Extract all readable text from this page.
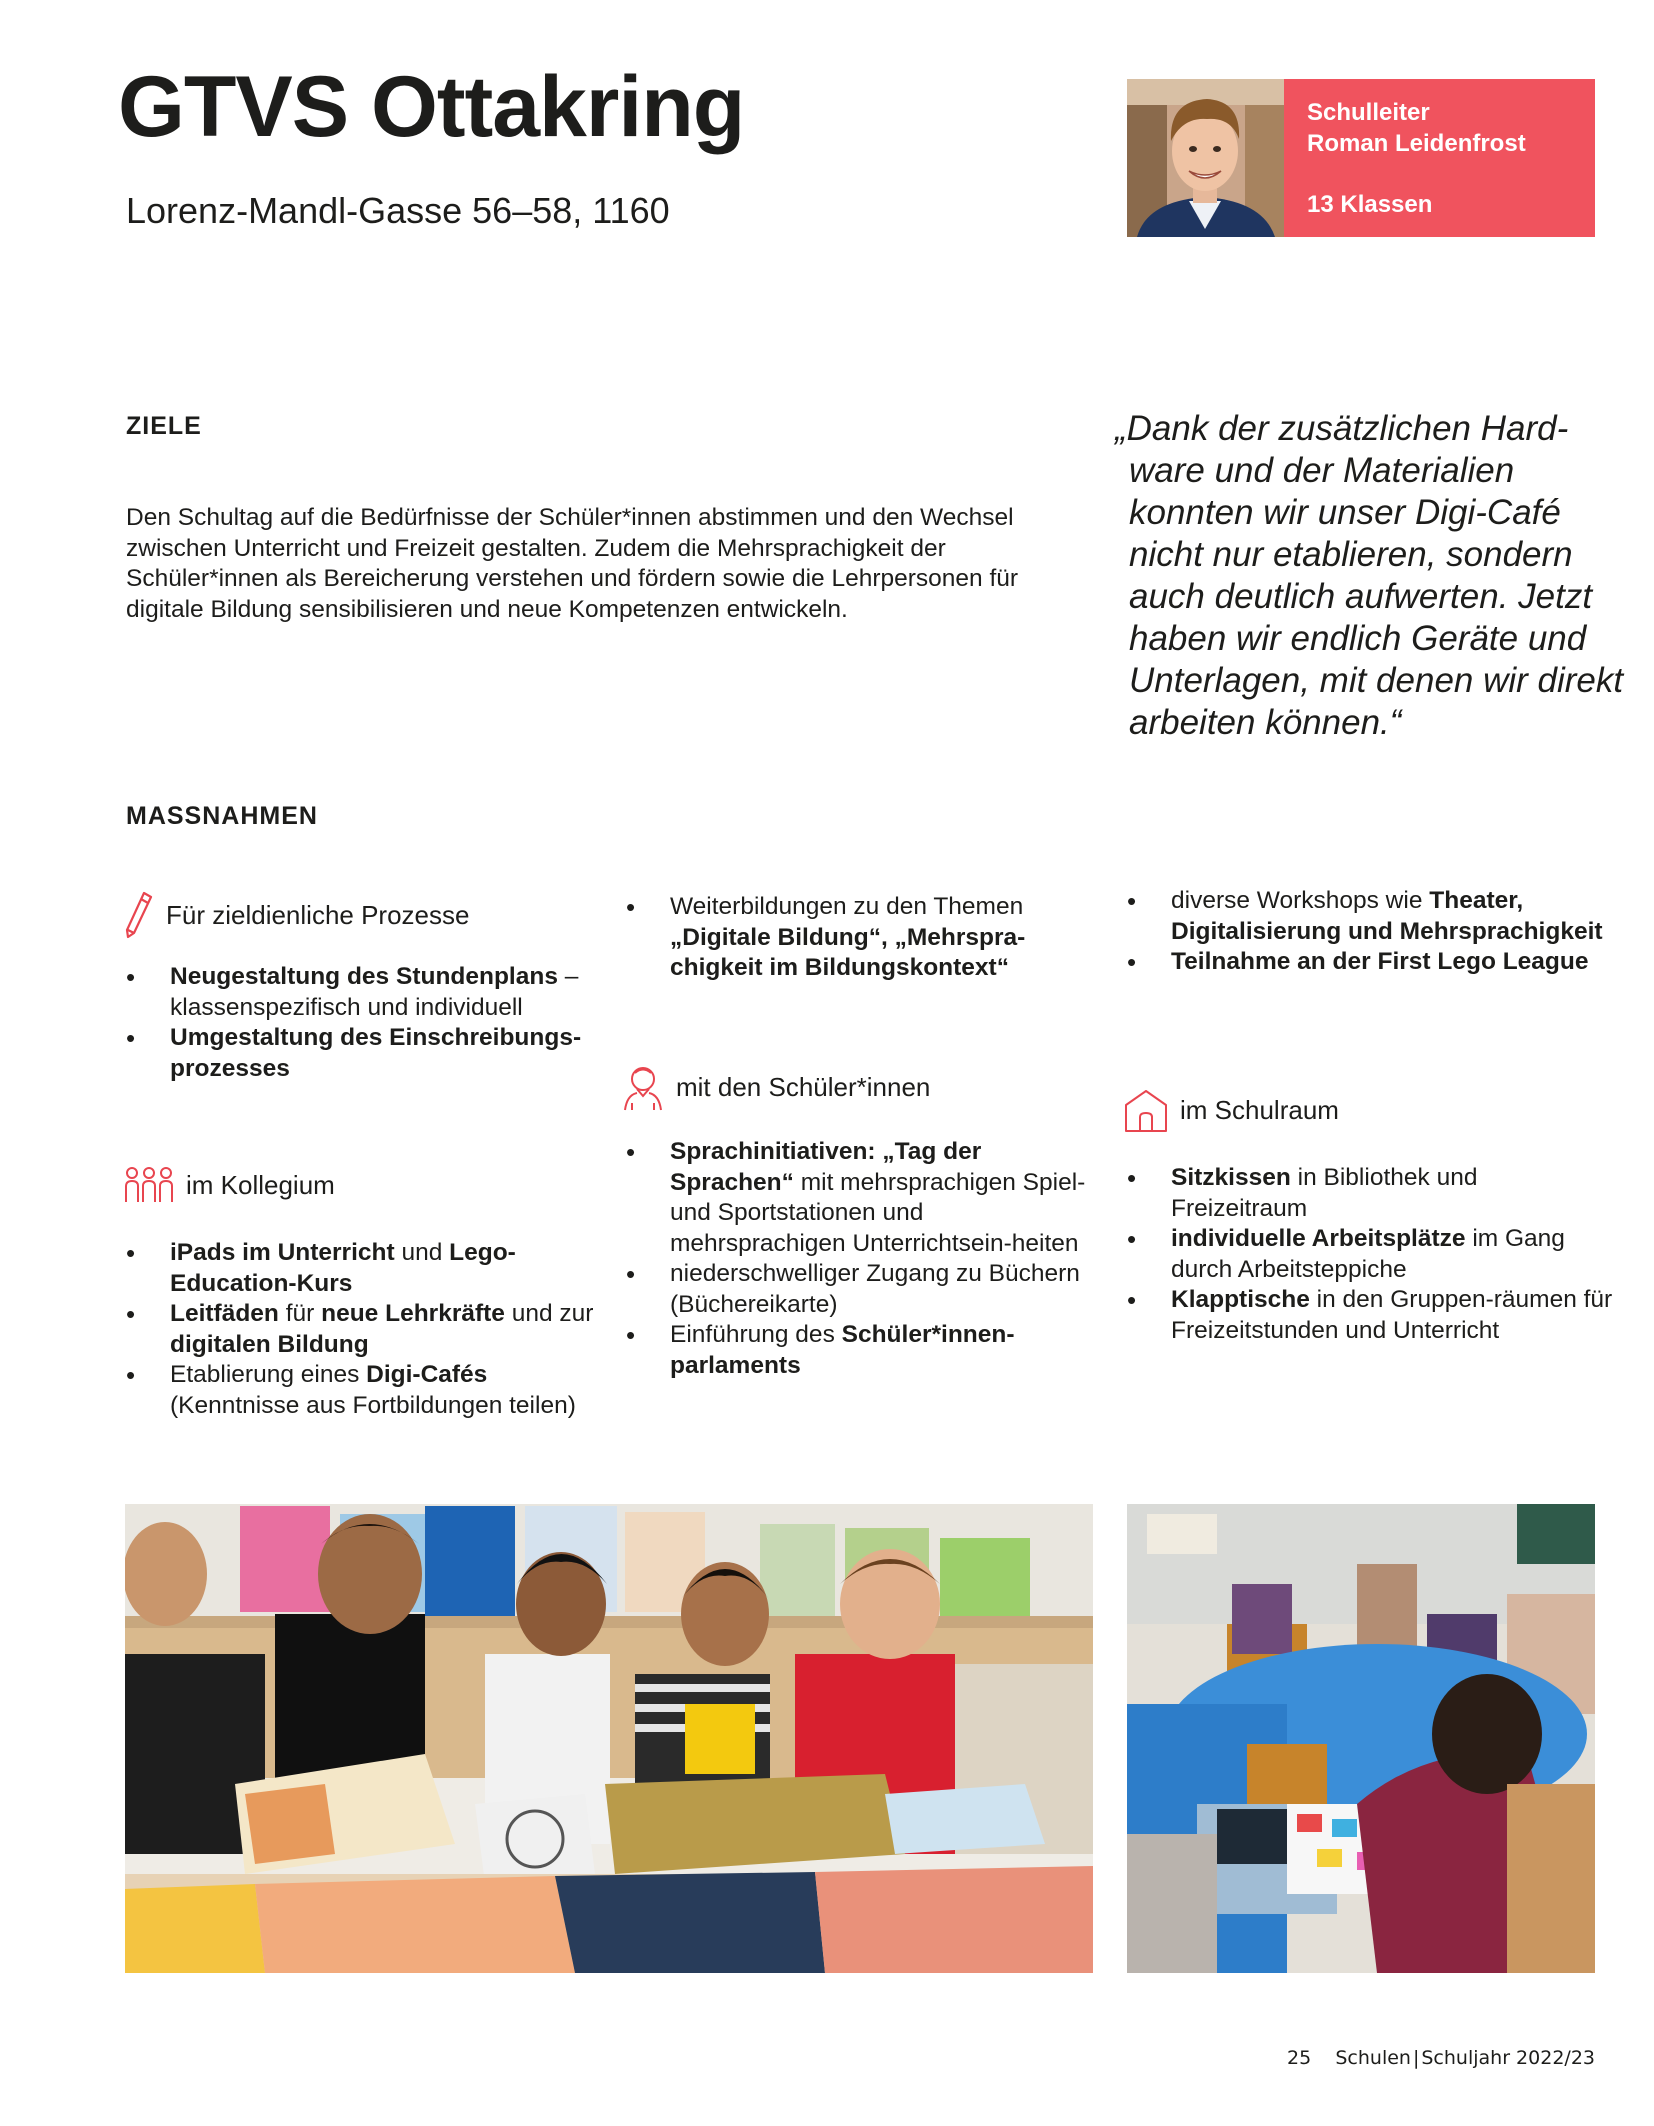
GTVS Ottakring
Lorenz-Mandl-Gasse 56–58, 1160
Schulleiter
Roman Leidenfrost
13 Klassen
ZIELE
Den Schultag auf die Bedürfnisse der Schüler*innen abstimmen und den Wechsel zwischen Unterricht und Freizeit gestalten. Zudem die Mehrsprachigkeit der Schüler*innen als Bereicherung verstehen und fördern sowie die Lehrpersonen für digitale Bildung sensibilisieren und neue Kompetenzen entwickeln.
„Dank der zusätzlichen Hard-
ware und der Materialien
konnten wir unser Digi-Café
nicht nur etablieren, sondern
auch deutlich aufwerten. Jetzt
haben wir endlich Geräte und
Unterlagen, mit denen wir direkt
arbeiten können.“
MASSNAHMEN
Für zieldienliche Prozesse
• Neugestaltung des Stundenplans – klassenspezifisch und individuell
• Umgestaltung des Einschreibungs-prozesses
im Kollegium
• iPads im Unterricht und Lego-Education-Kurs
• Leitfäden für neue Lehrkräfte und zur digitalen Bildung
• Etablierung eines Digi-Cafés (Kenntnisse aus Fortbildungen teilen)
• Weiterbildungen zu den Themen „Digitale Bildung“, „Mehrspra-chigkeit im Bildungskontext“
mit den Schüler*innen
• Sprachinitiativen: „Tag der Sprachen“ mit mehrsprachigen Spiel- und Sportstationen und mehrsprachigen Unterrichtsein-heiten
• niederschwelliger Zugang zu Büchern (Büchereikarte)
• Einführung des Schüler*innen-parlaments
• diverse Workshops wie Theater, Digitalisierung und Mehrsprachigkeit
• Teilnahme an der First Lego League
im Schulraum
• Sitzkissen in Bibliothek und Freizeitraum
• individuelle Arbeitsplätze im Gang durch Arbeitsteppiche
• Klapptische in den Gruppen-räumen für Freizeitstunden und Unterricht
25 Schulen | Schuljahr 2022/23
